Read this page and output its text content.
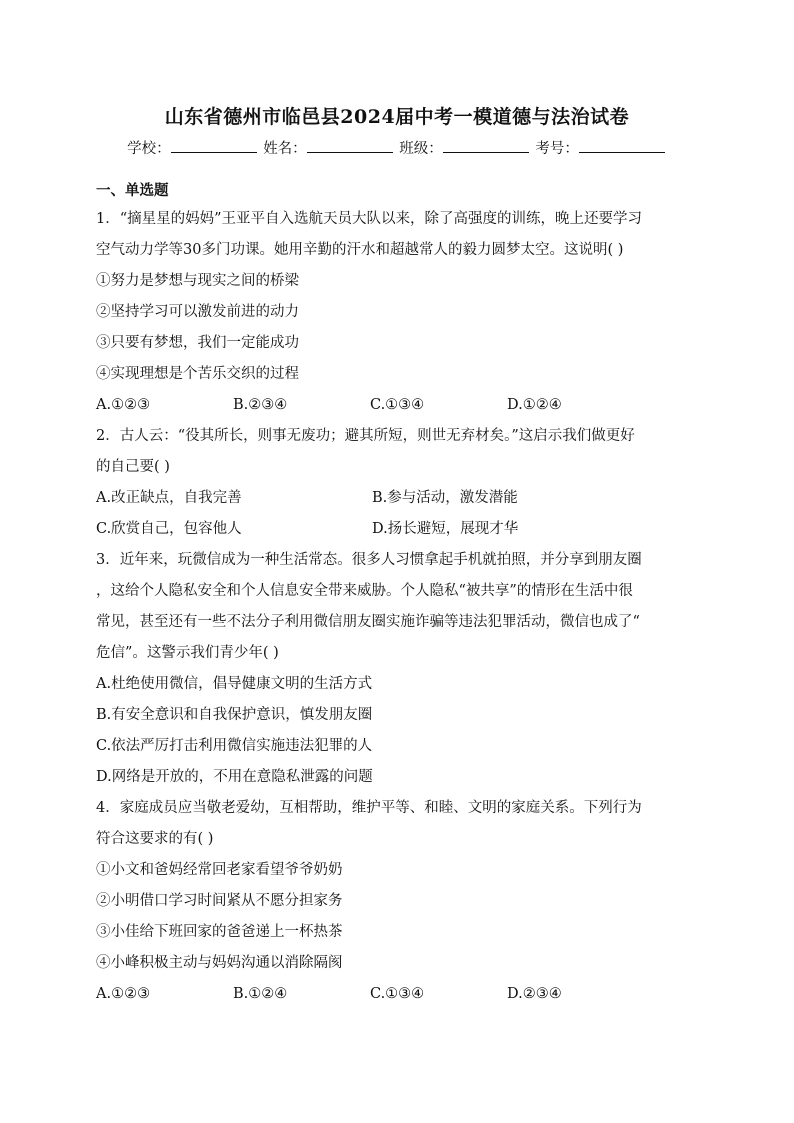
山东省德州市临邑县2024届中考一模道德与法治试卷
学校：	姓名：	班级：	考号：
一、单选题
1．“摘星星的妈妈”王亚平自入选航天员大队以来，除了高强度的训练，晚上还要学习
空气动力学等30多门功课。她用辛勤的汗水和超越常人的毅力圆梦太空。这说明( )
①努力是梦想与现实之间的桥梁
②坚持学习可以激发前进的动力
③只要有梦想，我们一定能成功
④实现理想是个苦乐交织的过程
A.①②③	B.②③④	C.①③④	D.①②④
2．古人云：“役其所长，则事无废功；避其所短，则世无弃材矣。”这启示我们做更好
的自己要( )
A.改正缺点，自我完善	B.参与活动，激发潜能
C.欣赏自己，包容他人	D.扬长避短，展现才华
3．近年来，玩微信成为一种生活常态。很多人习惯拿起手机就拍照，并分享到朋友圈
，这给个人隐私安全和个人信息安全带来威胁。个人隐私“被共享”的情形在生活中很
常见，甚至还有一些不法分子利用微信朋友圈实施诈骗等违法犯罪活动，微信也成了“
危信”。这警示我们青少年( )
A.杜绝使用微信，倡导健康文明的生活方式
B.有安全意识和自我保护意识，慎发朋友圈
C.依法严厉打击利用微信实施违法犯罪的人
D.网络是开放的，不用在意隐私泄露的问题
4．家庭成员应当敬老爱幼，互相帮助，维护平等、和睦、文明的家庭关系。下列行为
符合这要求的有( )
①小文和爸妈经常回老家看望爷爷奶奶
②小明借口学习时间紧从不愿分担家务
③小佳给下班回家的爸爸递上一杯热茶
④小峰积极主动与妈妈沟通以消除隔阂
A.①②③	B.①②④	C.①③④	D.②③④
